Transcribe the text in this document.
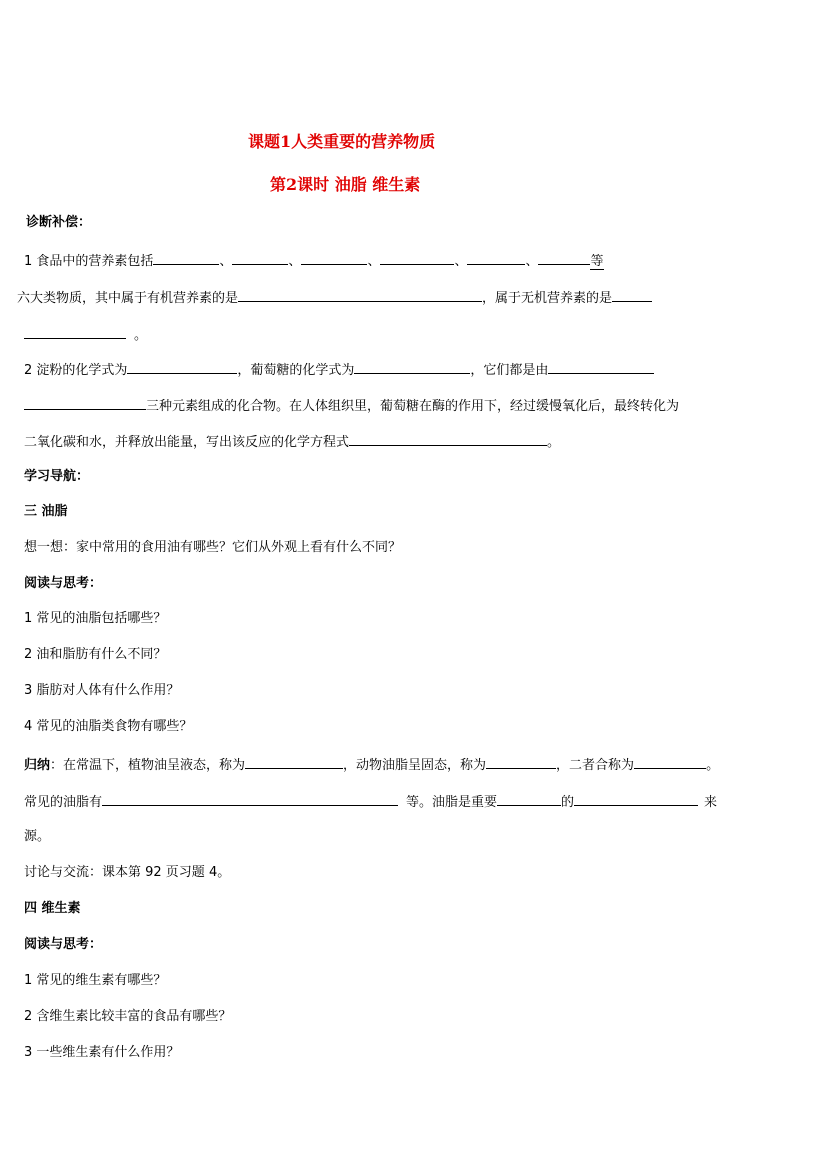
课题1人类重要的营养物质
第2课时 油脂 维生素
诊断补偿：
1 食品中的营养素包括	、	、	、	、	、	等
六大类物质，其中属于有机营养素的是	，属于无机营养素的是
。
2 淀粉的化学式为	，葡萄糖的化学式为	，它们都是由
三种元素组成的化合物。在人体组织里，葡萄糖在酶的作用下，经过缓慢氧化后，最终转化为
二氧化碳和水，并释放出能量，写出该反应的化学方程式	。
学习导航：
三 油脂
想一想：家中常用的食用油有哪些？它们从外观上看有什么不同？
阅读与思考：
1 常见的油脂包括哪些？
2 油和脂肪有什么不同？
3 脂肪对人体有什么作用？
4 常见的油脂类食物有哪些？
归纳：在常温下，植物油呈液态，称为	，动物油脂呈固态，称为	，二者合称为	。
常见的油脂有	等。油脂是重要	的	来
源。
讨论与交流：课本第 92 页习题 4。
四 维生素
阅读与思考：
1 常见的维生素有哪些？
2 含维生素比较丰富的食品有哪些？
3 一些维生素有什么作用？
